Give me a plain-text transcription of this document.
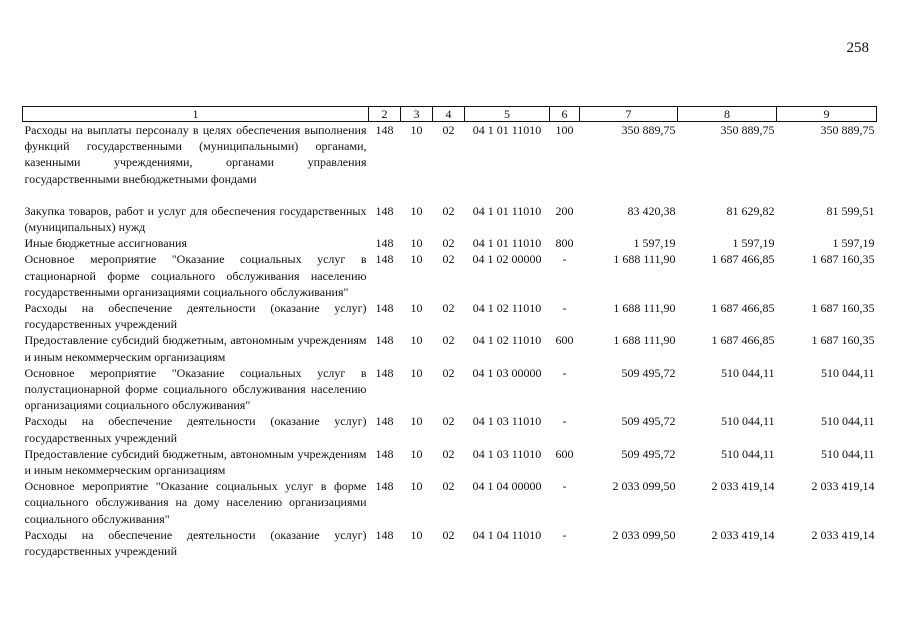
258
1	2	3	4	5	6	7	8	9
Расходы на выплаты персоналу в целях обеспечения выполнения функций государственными (муниципальными) органами, казенными учреждениями, органами управления государственными внебюджетными фондами	148	10	02	04 1 01 11010	100	350 889,75	350 889,75	350 889,75

Закупка товаров, работ и услуг для обеспечения государственных (муниципальных) нужд	148	10	02	04 1 01 11010	200	83 420,38	81 629,82	81 599,51
Иные бюджетные ассигнования	148	10	02	04 1 01 11010	800	1 597,19	1 597,19	1 597,19
Основное мероприятие "Оказание социальных услуг в стационарной форме социального обслуживания населению государственными организациями социального обслуживания"	148	10	02	04 1 02 00000	-	1 688 111,90	1 687 466,85	1 687 160,35
Расходы на обеспечение деятельности (оказание услуг) государственных учреждений	148	10	02	04 1 02 11010	-	1 688 111,90	1 687 466,85	1 687 160,35
Предоставление субсидий бюджетным, автономным учреждениям и иным некоммерческим организациям	148	10	02	04 1 02 11010	600	1 688 111,90	1 687 466,85	1 687 160,35
Основное мероприятие "Оказание социальных услуг в полустационарной форме социального обслуживания населению организациями социального обслуживания"	148	10	02	04 1 03 00000	-	509 495,72	510 044,11	510 044,11
Расходы на обеспечение деятельности (оказание услуг) государственных учреждений	148	10	02	04 1 03 11010	-	509 495,72	510 044,11	510 044,11
Предоставление субсидий бюджетным, автономным учреждениям и иным некоммерческим организациям	148	10	02	04 1 03 11010	600	509 495,72	510 044,11	510 044,11
Основное мероприятие "Оказание социальных услуг в форме социального обслуживания на дому населению организациями социального обслуживания"	148	10	02	04 1 04 00000	-	2 033 099,50	2 033 419,14	2 033 419,14
Расходы на обеспечение деятельности (оказание услуг) государственных учреждений	148	10	02	04 1 04 11010	-	2 033 099,50	2 033 419,14	2 033 419,14
